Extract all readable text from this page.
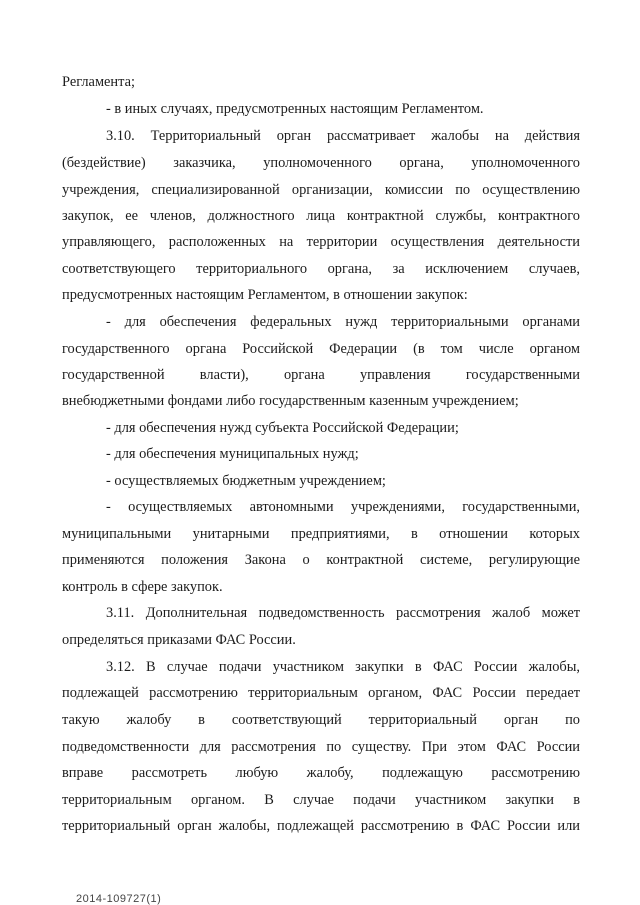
Регламента;
- в иных случаях, предусмотренных настоящим Регламентом.
3.10. Территориальный орган рассматривает жалобы на действия
(бездействие) заказчика, уполномоченного органа, уполномоченного
учреждения, специализированной организации, комиссии по осуществлению
закупок, ее членов, должностного лица контрактной службы, контрактного
управляющего, расположенных на территории осуществления деятельности
соответствующего территориального органа, за исключением случаев,
предусмотренных настоящим Регламентом, в отношении закупок:
- для обеспечения федеральных нужд территориальными органами
государственного органа Российской Федерации (в том числе органом
государственной власти), органа управления государственными
внебюджетными фондами либо государственным казенным учреждением;
- для обеспечения нужд субъекта Российской Федерации;
- для обеспечения муниципальных нужд;
- осуществляемых бюджетным учреждением;
- осуществляемых автономными учреждениями, государственными,
муниципальными унитарными предприятиями, в отношении которых
применяются положения Закона о контрактной системе, регулирующие
контроль в сфере закупок.
3.11. Дополнительная подведомственность рассмотрения жалоб может
определяться приказами ФАС России.
3.12. В случае подачи участником закупки в ФАС России жалобы,
подлежащей рассмотрению территориальным органом, ФАС России передает
такую жалобу в соответствующий территориальный орган по
подведомственности для рассмотрения по существу. При этом ФАС России
вправе рассмотреть любую жалобу, подлежащую рассмотрению
территориальным органом. В случае подачи участником закупки в
территориальный орган жалобы, подлежащей рассмотрению в ФАС России или
2014-109727(1)
